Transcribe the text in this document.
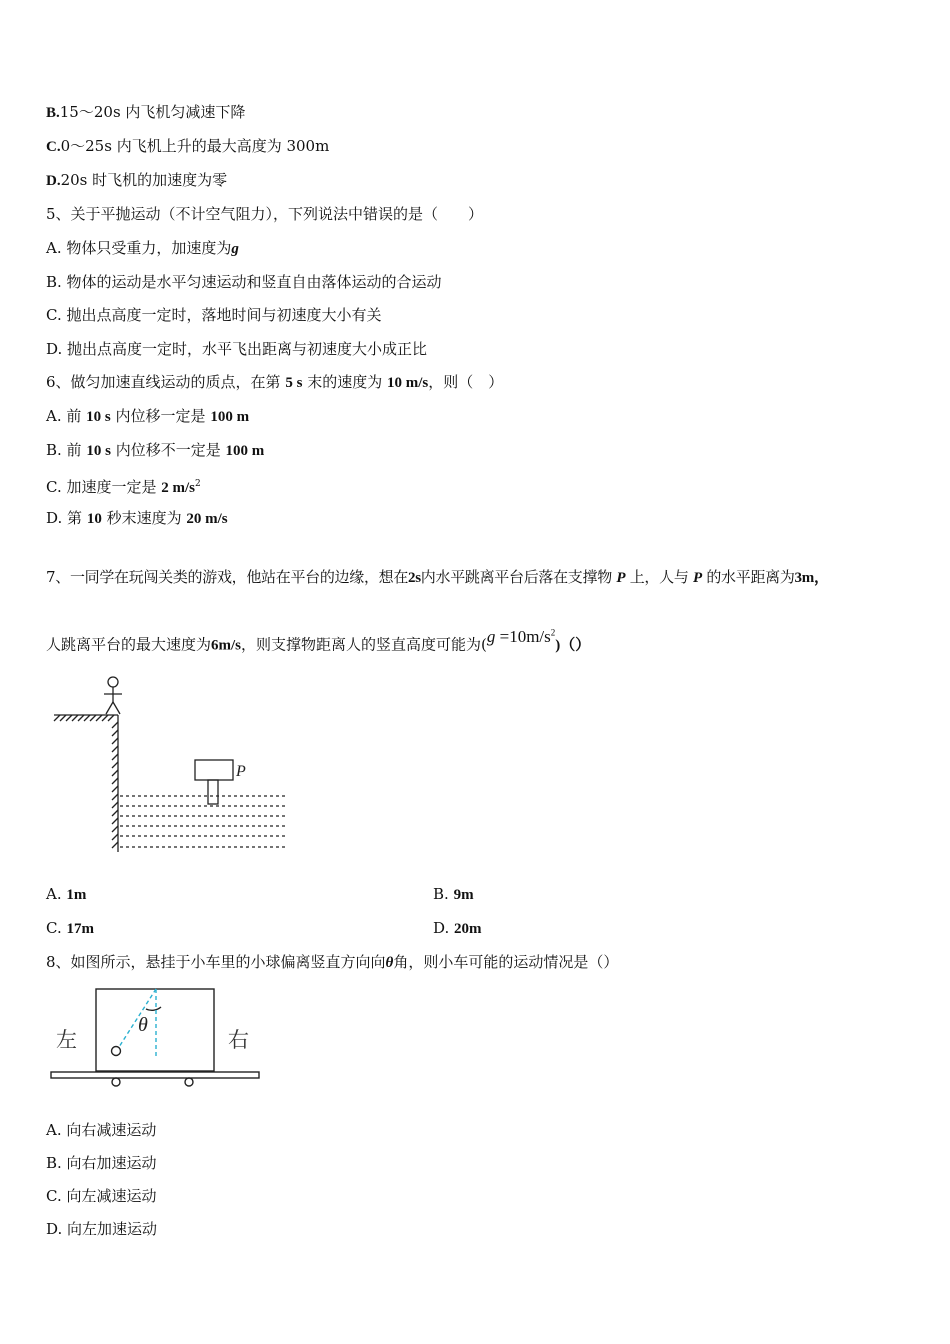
B.15～20s 内飞机匀减速下降
C.0～25s 内飞机上升的最大高度为 300m
D.20s 时飞机的加速度为零
5、关于平抛运动（不计空气阻力），下列说法中错误的是（　　）
A. 物体只受重力，加速度为g
B. 物体的运动是水平匀速运动和竖直自由落体运动的合运动
C. 抛出点高度一定时，落地时间与初速度大小有关
D. 抛出点高度一定时，水平飞出距离与初速度大小成正比
6、做匀加速直线运动的质点，在第 5 s 末的速度为 10 m/s，则（　）
A. 前 10 s 内位移一定是 100 m
B. 前 10 s 内位移不一定是 100 m
C. 加速度一定是 2 $m/s^2$
D. 第 10 秒末速度为 20 m/s
7、一同学在玩闯关类的游戏，他站在平台的边缘，想在2s内水平跳离平台后落在支撑物 P 上，人与 P 的水平距离为3m，
人跳离平台的最大速度为6m/s，则支撑物距离人的竖直高度可能为$(g =10m/s^2)()$
P
A. 1m	B. 9m
C. 17m	D. 20m
8、如图所示，悬挂于小车里的小球偏离竖直方向向θ角，则小车可能的运动情况是（）
左	右
θ
A. 向右减速运动
B. 向右加速运动
C. 向左减速运动
D. 向左加速运动
